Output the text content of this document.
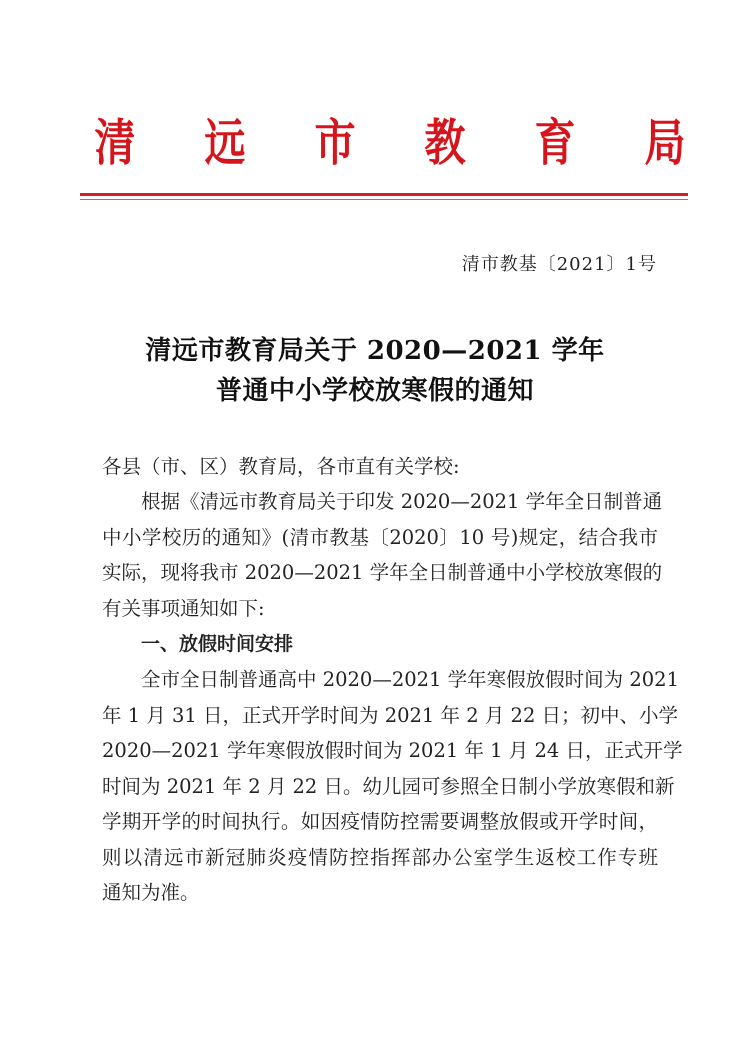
清 远 市 教 育 局
清市教基〔2021〕1号
清远市教育局关于 2020—2021 学年
普通中小学校放寒假的通知
各县（市、区）教育局，各市直有关学校:
根据《清远市教育局关于印发 2020—2021 学年全日制普通
中小学校历的通知》(清市教基〔2020〕10 号)规定，结合我市
实际，现将我市 2020—2021 学年全日制普通中小学校放寒假的
有关事项通知如下:
一、放假时间安排
全市全日制普通高中 2020—2021 学年寒假放假时间为 2021
年 1 月 31 日，正式开学时间为 2021 年 2 月 22 日；初中、小学
2020—2021 学年寒假放假时间为 2021 年 1 月 24 日，正式开学
时间为 2021 年 2 月 22 日。幼儿园可参照全日制小学放寒假和新
学期开学的时间执行。如因疫情防控需要调整放假或开学时间，
则以清远市新冠肺炎疫情防控指挥部办公室学生返校工作专班
通知为准。
